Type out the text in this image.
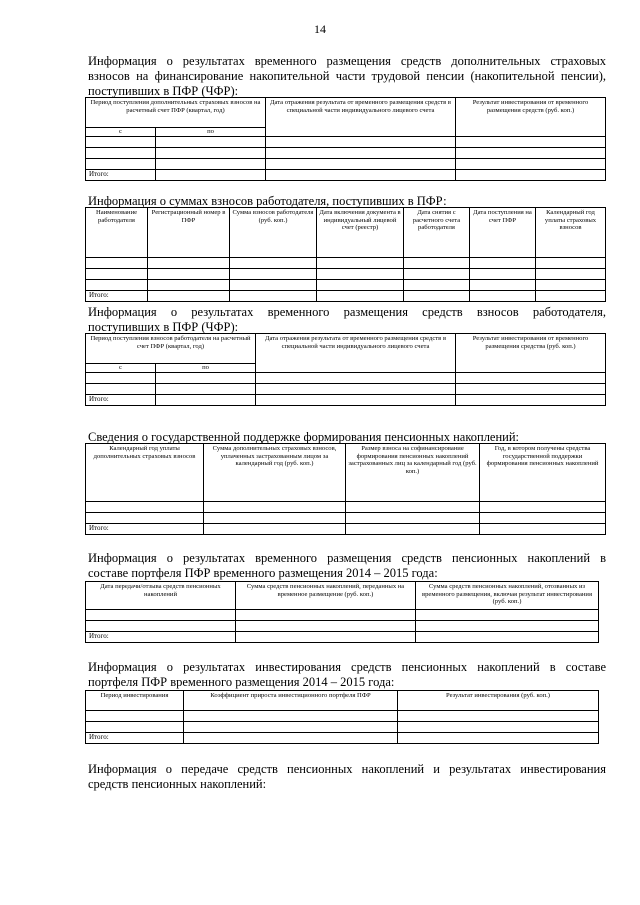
14
Информация о результатах временного размещения средств дополнительных страховых
взносов на финансирование накопительной части трудовой пенсии (накопительной пенсии),
поступивших в ПФР (ЧФР):
Период поступления дополнительных страховых взносов на расчетный счет ПФР (квартал, год)		Дата отражения результата от временного размещения средств в специальной части индивидуального лицевого счета	Результат инвестирования от временного размещения средств (руб. коп.)
с	по		

Итого:			
Информация о суммах взносов работодателя, поступивших в ПФР:
Наименование работодателя	Регистрационный номер в ПФР	Сумма взносов работодателя (руб. коп.)	Дата включения документа в индивидуальный лицевой счет (реестр)	Дата снятия с расчетного счета работодателя	Дата поступления на счет ПФР	Календарный год уплаты страховых взносов

Итого:						
Информация о результатах временного размещения средств взносов работодателя,
поступивших в ПФР (ЧФР):
Период поступления взносов работодателя на расчетный счет ПФР (квартал, год)		Дата отражения результата от временного размещения средств в специальной части индивидуального лицевого счета	Результат инвестирования от временного размещения средства (руб. коп.)
с	по		

Итого:			
Сведения о государственной поддержке формирования пенсионных накоплений:
Календарный год уплаты дополнительных страховых взносов	Сумма дополнительных страховых взносов, уплаченных застрахованным лицом за календарный год (руб. коп.)	Размер взноса на софинансирование формирования пенсионных накоплений застрахованных лиц за календарный год (руб. коп.)	Год, в котором получены средства государственной поддержки формирования пенсионных накоплений

Итого:			
Информация о результатах временного размещения средств пенсионных накоплений в
составе портфеля ПФР временного размещения 2014 – 2015 года:
Дата передачи/отзыва средств пенсионных накоплений	Сумма средств пенсионных накоплений, переданных на временное размещение (руб. коп.)	Сумма средств пенсионных накоплений, отозванных из временного размещения, включая результат инвестирования (руб. коп.)

Итого:		
Информация о результатах инвестирования средств пенсионных накоплений в составе
портфеля ПФР временного размещения 2014 – 2015 года:
Период инвестирования	Коэффициент прироста инвестиционного портфеля ПФР	Результат инвестирования (руб. коп.)

Итого:		
Информация о передаче средств пенсионных накоплений и результатах инвестирования
средств пенсионных накоплений:
